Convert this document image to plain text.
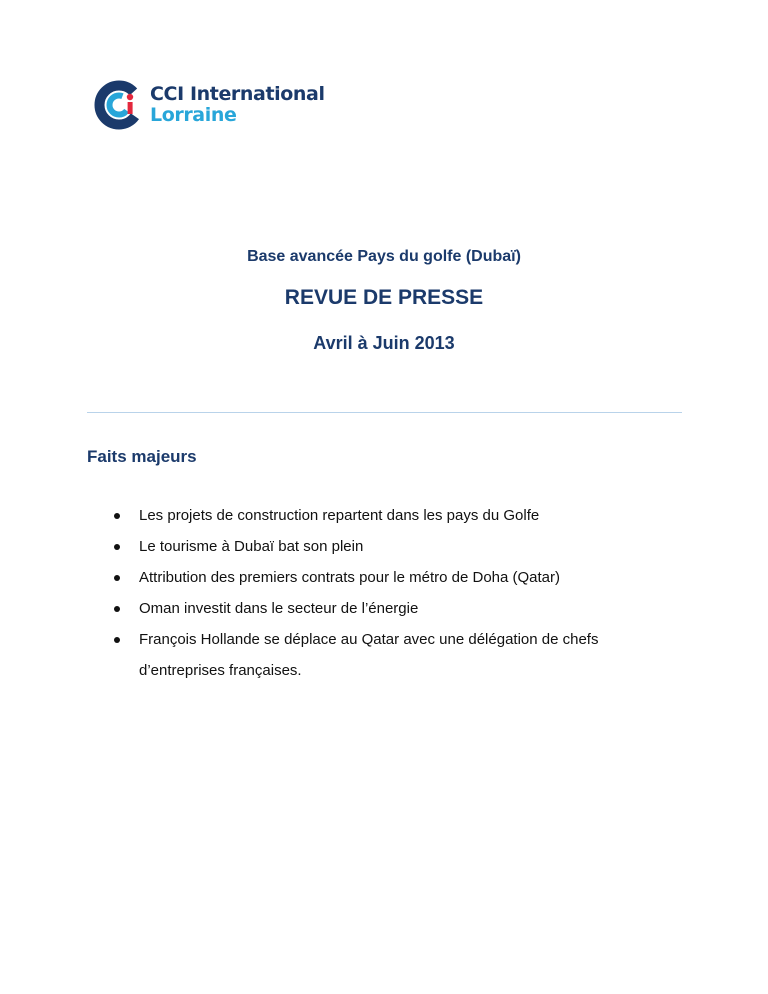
CCI International
Lorraine
Base avancée Pays du golfe (Dubaï)
REVUE DE PRESSE
Avril à Juin 2013
Faits majeurs
Les projets de construction repartent dans les pays du Golfe
Le tourisme à Dubaï bat son plein
Attribution des premiers contrats pour le métro de Doha (Qatar)
Oman investit dans le secteur de l’énergie
François Hollande se déplace au Qatar avec une délégation de chefs d’entreprises françaises.
